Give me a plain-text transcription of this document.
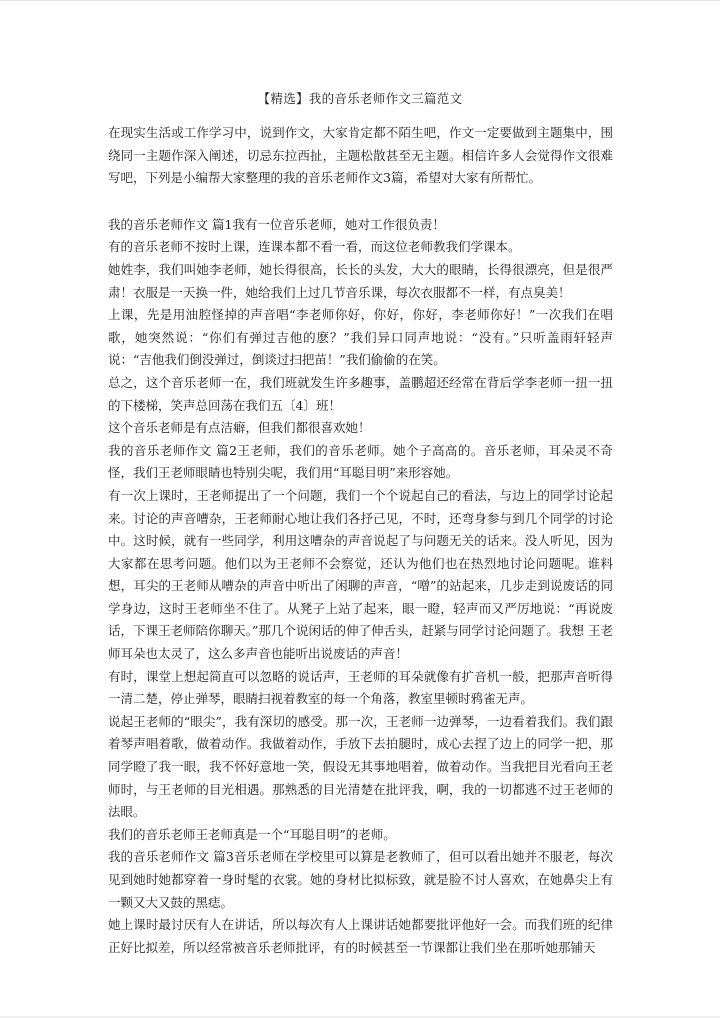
【精选】我的音乐老师作文三篇范文

在现实生活或工作学习中，说到作文，大家肯定都不陌生吧，作文一定要做到主题集中，围绕同一主题作深入阐述，切忌东拉西扯，主题松散甚至无主题。相信许多人会觉得作文很难写吧，下列是小编帮大家整理的我的音乐老师作文3篇，希望对大家有所帮忙。

我的音乐老师作文 篇1我有一位音乐老师，她对工作很负责！

有的音乐老师不按时上课，连课本都不看一看，而这位老师教我们学课本。

她姓李，我们叫她李老师，她长得很高，长长的头发，大大的眼睛，长得很漂亮，但是很严肃！衣服是一天换一件，她给我们上过几节音乐课，每次衣服都不一样，有点臭美！

上课，先是用油腔怪掉的声音唱“李老师你好，你好，你好，李老师你好！”一次我们在唱歌，她突然说：“你们有弹过吉他的麽？”我们异口同声地说：“没有。”只听盖雨轩轻声说：“吉他我们倒没弹过，倒谈过扫把苗！”我们偷偷的在笑。

总之，这个音乐老师一在，我们班就发生许多趣事，盖鹏超还经常在背后学李老师一扭一扭的下楼梯，笑声总回荡在我们五〔4〕班！

这个音乐老师是有点洁癖，但我们都很喜欢她！

我的音乐老师作文 篇2王老师，我们的音乐老师。她个子高高的。音乐老师，耳朵灵不奇怪，我们王老师眼睛也特别尖呢，我们用“耳聪目明”来形容她。

有一次上课时，王老师提出了一个问题，我们一个个说起自己的看法，与边上的同学讨论起来。讨论的声音嘈杂，王老师耐心地让我们各抒己见，不时，还弯身参与到几个同学的讨论中。这时候，就有一些同学，利用这嘈杂的声音说起了与问题无关的话来。没人听见，因为大家都在思考问题。他们以为王老师不会察觉，还认为他们也在热烈地讨论问题呢。谁料想，耳尖的王老师从嘈杂的声音中听出了闲聊的声音，“噌”的站起来，几步走到说废话的同学身边，这时王老师坐不住了。从凳子上站了起来，眼一瞪，轻声而又严厉地说：“再说废话，下课王老师陪你聊天。”那几个说闲话的伸了伸舌头，赶紧与同学讨论问题了。我想 王老师耳朵也太灵了，这么多声音也能听出说废话的声音！

有时，课堂上想起简直可以忽略的说话声，王老师的耳朵就像有扩音机一般，把那声音听得一清二楚，停止弹琴，眼睛扫视着教室的每一个角落，教室里顿时鸦雀无声。

说起王老师的“眼尖”，我有深切的感受。那一次，王老师一边弹琴，一边看着我们。我们跟着琴声唱着歌，做着动作。我做着动作，手放下去拍腿时，成心去捏了边上的同学一把，那同学瞪了我一眼，我不怀好意地一笑，假设无其事地唱着，做着动作。当我把目光看向王老师时，与王老师的目光相遇。那熟悉的目光清楚在批评我，啊，我的一切都逃不过王老师的法眼。

我们的音乐老师王老师真是一个“耳聪目明”的老师。

我的音乐老师作文 篇3音乐老师在学校里可以算是老教师了，但可以看出她并不服老，每次见到她时她都穿着一身时髦的衣裳。她的身材比拟标致，就是脸不讨人喜欢，在她鼻尖上有一颗又大又鼓的黑痣。

她上课时最讨厌有人在讲话，所以每次有人上课讲话她都要批评他好一会。而我们班的纪律正好比拟差，所以经常被音乐老师批评，有的时候甚至一节课都让我们坐在那听她那铺天
